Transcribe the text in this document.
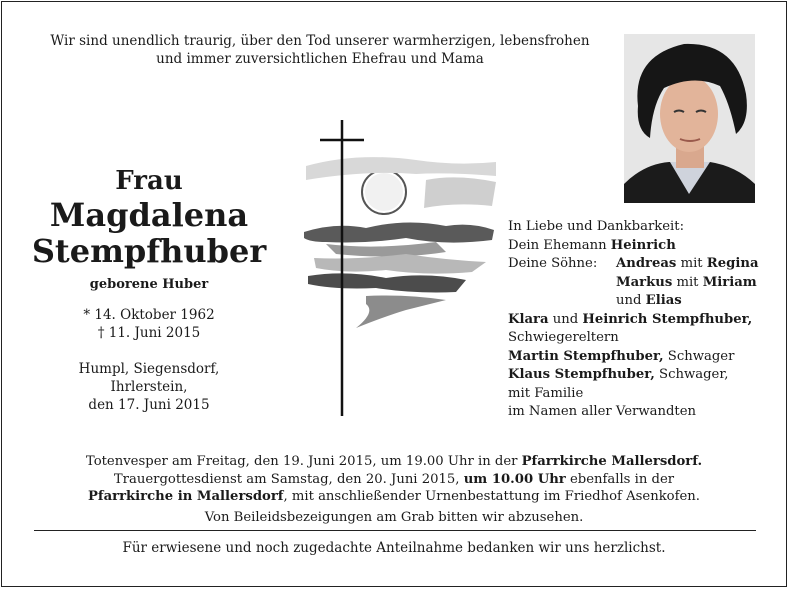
Wir sind unendlich traurig, über den Tod unserer warmherzigen, lebensfrohen
und immer zuversichtlichen Ehefrau und Mama
Frau
Magdalena
Stempfhuber
geborene Huber
* 14. Oktober 1962
† 11. Juni 2015
Humpl, Siegensdorf,
Ihrlerstein,
den 17. Juni 2015
In Liebe und Dankbarkeit:
Dein Ehemann Heinrich
Deine Söhne: Andreas mit Regina
Markus mit Miriam
und Elias
Klara und Heinrich Stempfhuber,
Schwiegereltern
Martin Stempfhuber, Schwager
Klaus Stempfhuber, Schwager,
mit Familie
im Namen aller Verwandten
Totenvesper am Freitag, den 19. Juni 2015, um 19.00 Uhr in der Pfarrkirche Mallersdorf.
Trauergottesdienst am Samstag, den 20. Juni 2015, um 10.00 Uhr ebenfalls in der
Pfarrkirche in Mallersdorf, mit anschließender Urnenbestattung im Friedhof Asenkofen.
Von Beileidsbezeigungen am Grab bitten wir abzusehen.
Für erwiesene und noch zugedachte Anteilnahme bedanken wir uns herzlichst.
